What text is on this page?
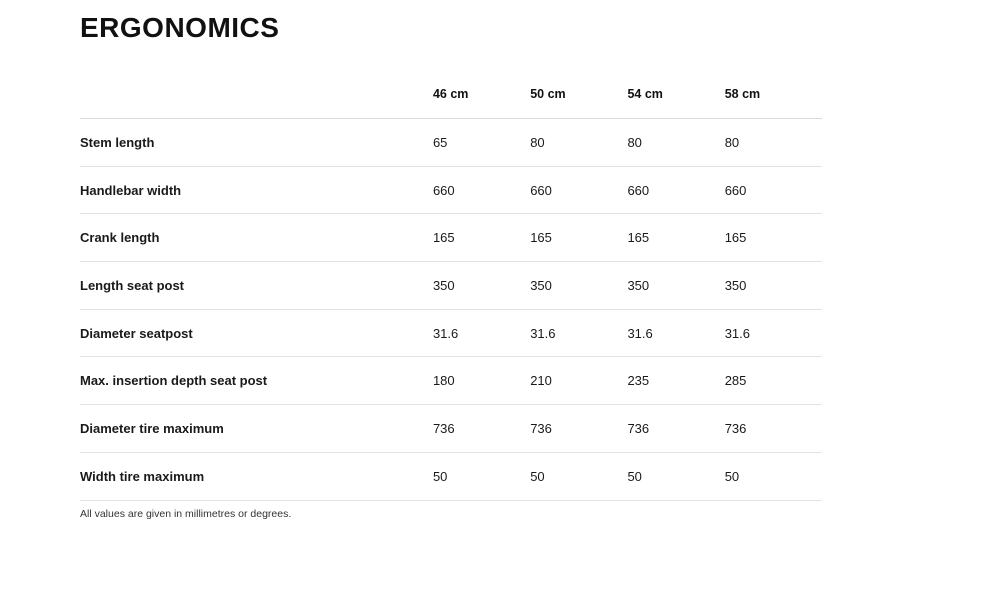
ERGONOMICS
	46 cm	50 cm	54 cm	58 cm
Stem length	65	80	80	80
Handlebar width	660	660	660	660
Crank length	165	165	165	165
Length seat post	350	350	350	350
Diameter seatpost	31.6	31.6	31.6	31.6
Max. insertion depth seat post	180	210	235	285
Diameter tire maximum	736	736	736	736
Width tire maximum	50	50	50	50
All values are given in millimetres or degrees.
